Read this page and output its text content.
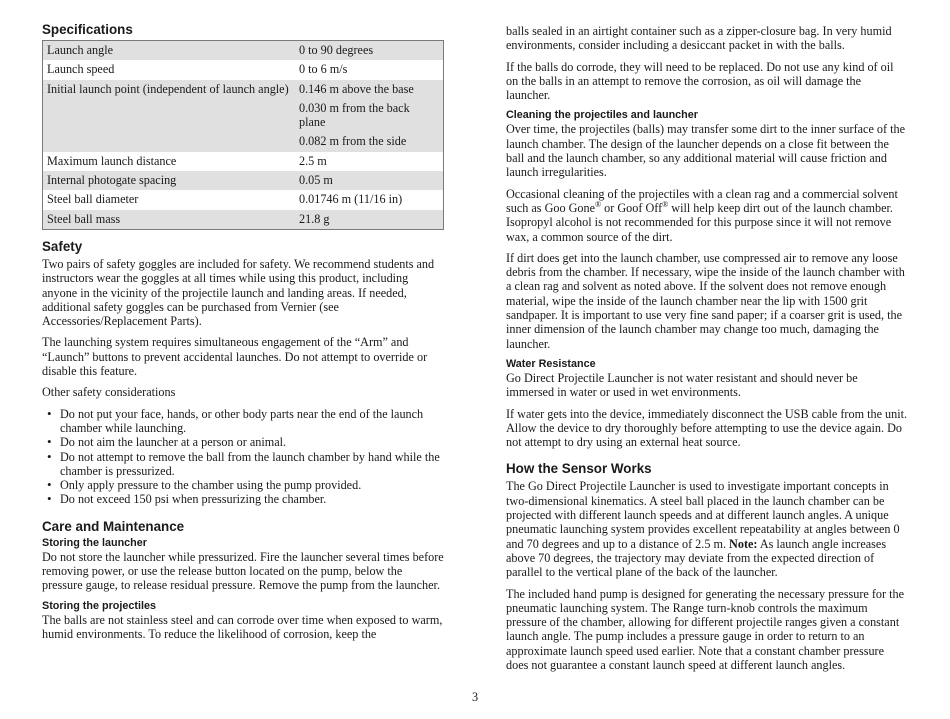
Specifications
Launch angle	0 to 90 degrees
Launch speed	0 to 6 m/s
Initial launch point (independent of launch angle)	0.146 m above the base
0.030 m from the back plane
0.082 m from the side

Maximum launch distance	2.5 m
Internal photogate spacing	0.05 m
Steel ball diameter	0.01746 m (11/16 in)
Steel ball mass	21.8 g
Safety

Two pairs of safety goggles are included for safety. We recommend students and instructors wear the goggles at all times while using this product, including anyone in the vicinity of the projectile launch and landing areas. If needed, additional safety goggles can be purchased from Vernier (see Accessories/Replacement Parts).

The launching system requires simultaneous engagement of the “Arm” and “Launch” buttons to prevent accidental launches. Do not attempt to override or disable this feature.

Other safety considerations

• Do not put your face, hands, or other body parts near the end of the launch chamber while launching.
• Do not aim the launcher at a person or animal.
• Do not attempt to remove the ball from the launch chamber by hand while the chamber is pressurized.
• Only apply pressure to the chamber using the pump provided.
• Do not exceed 150 psi when pressurizing the chamber.
Care and Maintenance
Storing the launcher

Do not store the launcher while pressurized. Fire the launcher several times before removing power, or use the release button located on the pump, below the pressure gauge, to release residual pressure. Remove the pump from the launcher.

Storing the projectiles

The balls are not stainless steel and can corrode over time when exposed to warm, humid environments. To reduce the likelihood of corrosion, keep the

balls sealed in an airtight container such as a zipper-closure bag. In very humid environments, consider including a desiccant packet in with the balls.

If the balls do corrode, they will need to be replaced. Do not use any kind of oil on the balls in an attempt to remove the corrosion, as oil will damage the launcher.

Cleaning the projectiles and launcher

Over time, the projectiles (balls) may transfer some dirt to the inner surface of the launch chamber. The design of the launcher depends on a close fit between the ball and the launch chamber, so any additional material will cause friction and launch irregularities.

Occasional cleaning of the projectiles with a clean rag and a commercial solvent such as Goo Gone® or Goof Off® will help keep dirt out of the launch chamber. Isopropyl alcohol is not recommended for this purpose since it will not remove wax, a common source of the dirt.

If dirt does get into the launch chamber, use compressed air to remove any loose debris from the chamber. If necessary, wipe the inside of the launch chamber with a clean rag and solvent as noted above. If the solvent does not remove enough material, wipe the inside of the launch chamber near the lip with 1500 grit sandpaper. It is important to use very fine sand paper; if a coarser grit is used, the inner dimension of the launch chamber may change too much, damaging the launcher.

Water Resistance

Go Direct Projectile Launcher is not water resistant and should never be immersed in water or used in wet environments.

If water gets into the device, immediately disconnect the USB cable from the unit. Allow the device to dry thoroughly before attempting to use the device again. Do not attempt to dry using an external heat source.

How the Sensor Works

The Go Direct Projectile Launcher is used to investigate important concepts in two-dimensional kinematics. A steel ball placed in the launch chamber can be projected with different launch speeds and at different launch angles. A unique pneumatic launching system provides excellent repeatability at angles between 0 and 70 degrees and up to a distance of 2.5 m. Note: As launch angle increases above 70 degrees, the trajectory may deviate from the expected direction of parallel to the vertical plane of the back of the launcher.

The included hand pump is designed for generating the necessary pressure for the pneumatic launching system. The Range turn-knob controls the maximum pressure of the chamber, allowing for different projectile ranges given a constant launch angle. The pump includes a pressure gauge in order to return to an approximate launch speed used earlier. Note that a constant chamber pressure does not guarantee a constant launch speed at different launch angles.

3
